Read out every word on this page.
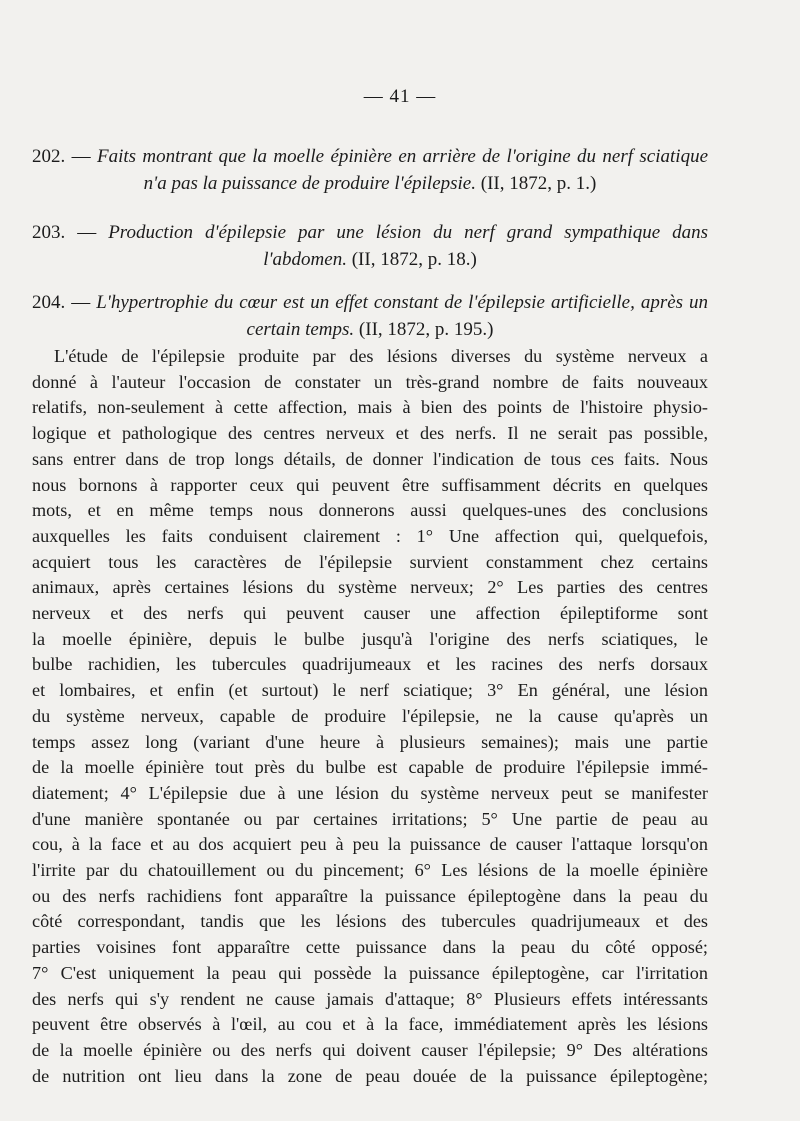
— 41 —
202. — Faits montrant que la moelle épinière en arrière de l'origine du nerf sciatique
n'a pas la puissance de produire l'épilepsie. (II, 1872, p. 1.)
203. — Production d'épilepsie par une lésion du nerf grand sympathique dans
l'abdomen. (II, 1872, p. 18.)
204. — L'hypertrophie du cœur est un effet constant de l'épilepsie artificielle, après un
certain temps. (II, 1872, p. 195.)
L'étude de l'épilepsie produite par des lésions diverses du système nerveux a
donné à l'auteur l'occasion de constater un très-grand nombre de faits nouveaux
relatifs, non-seulement à cette affection, mais à bien des points de l'histoire physio-
logique et pathologique des centres nerveux et des nerfs. Il ne serait pas possible,
sans entrer dans de trop longs détails, de donner l'indication de tous ces faits. Nous
nous bornons à rapporter ceux qui peuvent être suffisamment décrits en quelques
mots, et en même temps nous donnerons aussi quelques-unes des conclusions
auxquelles les faits conduisent clairement : 1° Une affection qui, quelquefois,
acquiert tous les caractères de l'épilepsie survient constamment chez certains
animaux, après certaines lésions du système nerveux; 2° Les parties des centres
nerveux et des nerfs qui peuvent causer une affection épileptiforme sont
la moelle épinière, depuis le bulbe jusqu'à l'origine des nerfs sciatiques, le
bulbe rachidien, les tubercules quadrijumeaux et les racines des nerfs dorsaux
et lombaires, et enfin (et surtout) le nerf sciatique; 3° En général, une lésion
du système nerveux, capable de produire l'épilepsie, ne la cause qu'après un
temps assez long (variant d'une heure à plusieurs semaines); mais une partie
de la moelle épinière tout près du bulbe est capable de produire l'épilepsie immé-
diatement; 4° L'épilepsie due à une lésion du système nerveux peut se manifester
d'une manière spontanée ou par certaines irritations; 5° Une partie de peau au
cou, à la face et au dos acquiert peu à peu la puissance de causer l'attaque lorsqu'on
l'irrite par du chatouillement ou du pincement; 6° Les lésions de la moelle épinière
ou des nerfs rachidiens font apparaître la puissance épileptogène dans la peau du
côté correspondant, tandis que les lésions des tubercules quadrijumeaux et des
parties voisines font apparaître cette puissance dans la peau du côté opposé;
7° C'est uniquement la peau qui possède la puissance épileptogène, car l'irritation
des nerfs qui s'y rendent ne cause jamais d'attaque; 8° Plusieurs effets intéressants
peuvent être observés à l'œil, au cou et à la face, immédiatement après les lésions
de la moelle épinière ou des nerfs qui doivent causer l'épilepsie; 9° Des altérations
de nutrition ont lieu dans la zone de peau douée de la puissance épileptogène;
